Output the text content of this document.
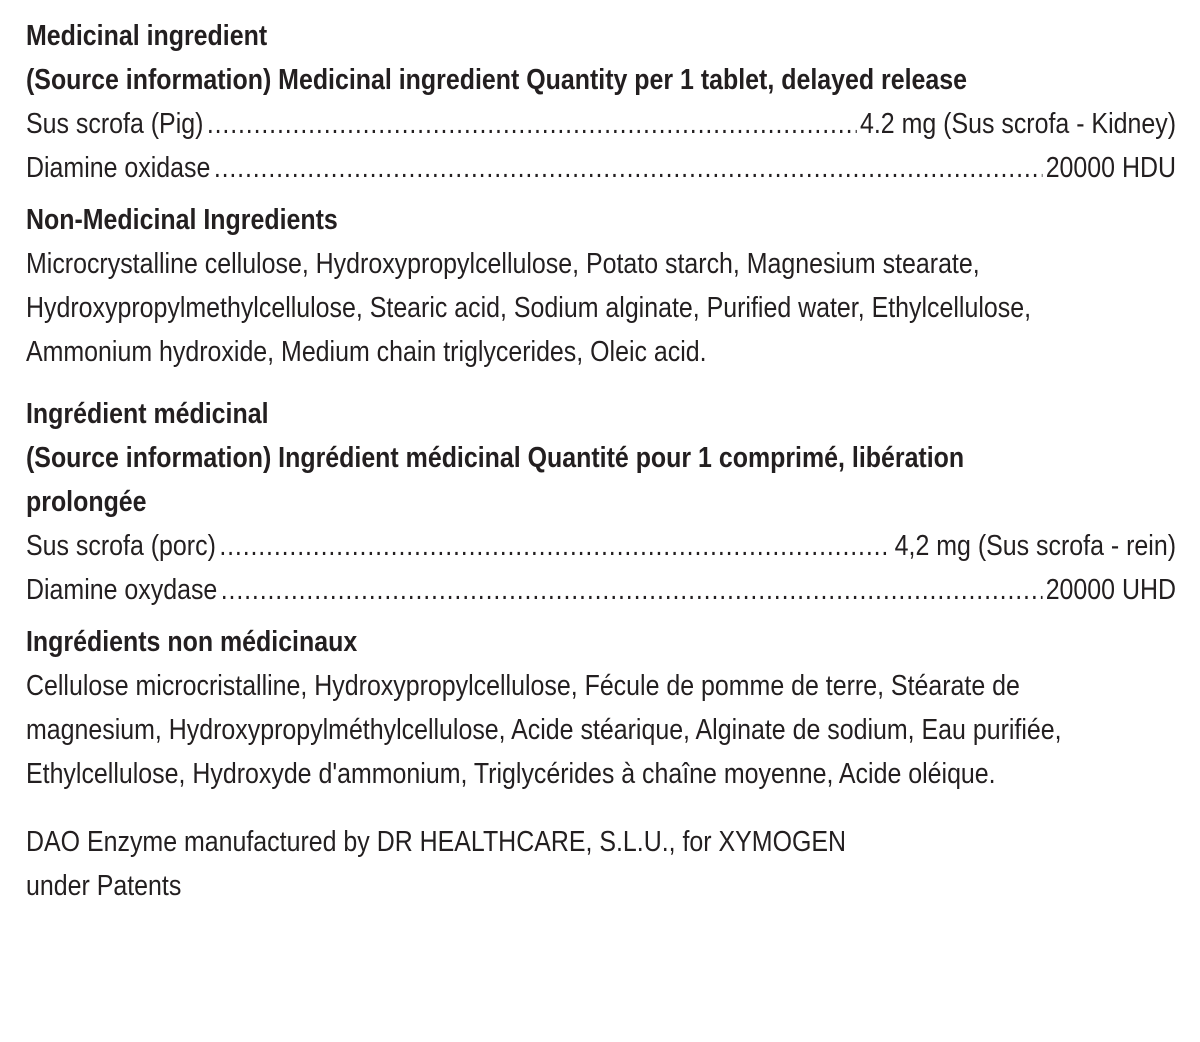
Medicinal ingredient
(Source information) Medicinal ingredient Quantity per 1 tablet, delayed release
Sus scrofa (Pig) .....	4.2 mg (Sus scrofa - Kidney)
Diamine oxidase .....	20000 HDU
Non-Medicinal Ingredients
Microcrystalline cellulose, Hydroxypropylcellulose, Potato starch, Magnesium stearate, Hydroxypropylmethylcellulose, Stearic acid, Sodium alginate, Purified water, Ethylcellulose, Ammonium hydroxide, Medium chain triglycerides, Oleic acid.
Ingrédient médicinal
(Source information) Ingrédient médicinal Quantité pour 1 comprimé, libération
prolongée
Sus scrofa (porc) .....	4,2 mg (Sus scrofa - rein)
Diamine oxydase .....	20000 UHD
Ingrédients non médicinaux
Cellulose microcristalline, Hydroxypropylcellulose, Fécule de pomme de terre, Stéarate de magnesium, Hydroxypropylméthylcellulose, Acide stéarique, Alginate de sodium, Eau purifiée, Ethylcellulose, Hydroxyde d'ammonium, Triglycérides à chaîne moyenne, Acide oléique.
DAO Enzyme manufactured by DR HEALTHCARE, S.L.U., for XYMOGEN
under Patents
